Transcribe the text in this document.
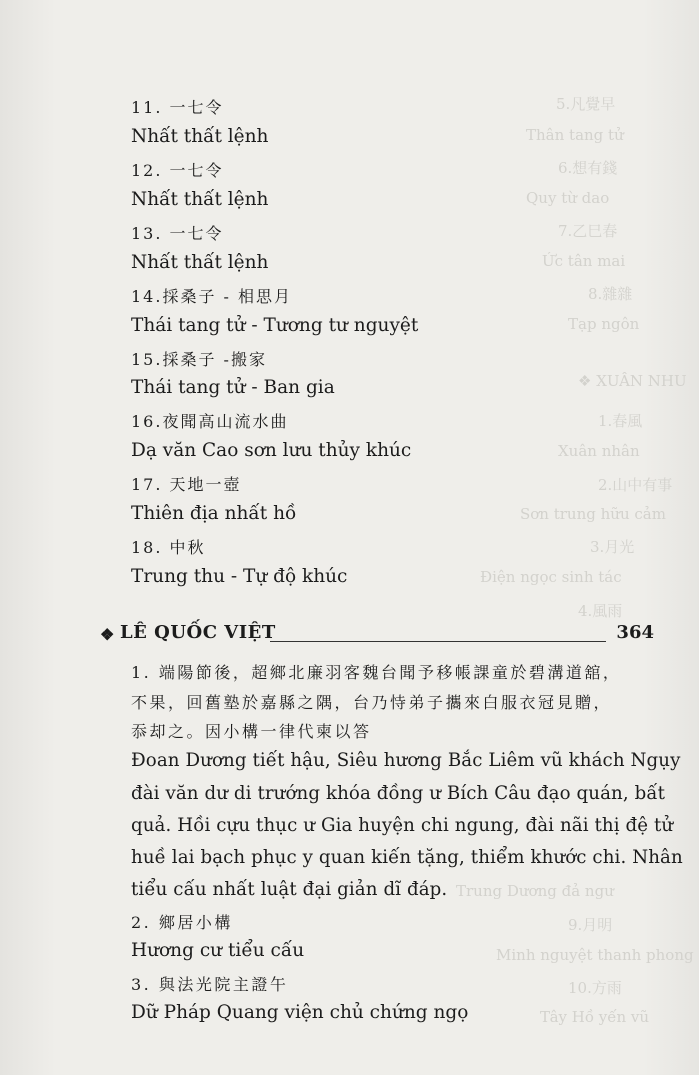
5.凡覺早
Thân tang tử
6.想有錢
Quy từ dao
7.乙巳春
Ức tân mai
8.雜雜
Tạp ngôn
❖ XUÂN NHU
1.春風
Xuân nhân
2.山中有事
Sơn trung hữu cảm
3.月光
Điện ngọc sinh tác
4.風雨
Trung Dương đả ngư
9.月明
Minh nguyệt thanh phong
10.方雨
Tây Hồ yến vũ
11. 一七令
Nhất thất lệnh
12. 一七令
Nhất thất lệnh
13. 一七令
Nhất thất lệnh
14.採桑子 - 相思月
Thái tang tử - Tương tư nguyệt
15.採桑子 -搬家
Thái tang tử - Ban gia
16.夜聞高山流水曲
Dạ văn Cao sơn lưu thủy khúc
17. 天地一壺
Thiên địa nhất hồ
18. 中秋
Trung thu - Tự độ khúc
❖ LÊ QUỐC VIỆT	364
1. 端陽節後，超鄉北廉羽客魏台聞予移帳課童於碧溝道舘，
不果，回舊塾於嘉縣之隅，台乃恃弟子攜來白服衣冠見贈，
忝却之。因小構一律代柬以答
Đoan Dương tiết hậu, Siêu hương Bắc Liêm vũ khách Ngụy
đài văn dư di trướng khóa đồng ư Bích Câu đạo quán, bất
quả. Hồi cựu thục ư Gia huyện chi ngung, đài nãi thị đệ tử
huề lai bạch phục y quan kiến tặng, thiểm khước chi. Nhân
tiểu cấu nhất luật đại giản dĩ đáp.
2. 鄉居小構
Hương cư tiểu cấu
3. 與法光院主證午
Dữ Pháp Quang viện chủ chứng ngọ
